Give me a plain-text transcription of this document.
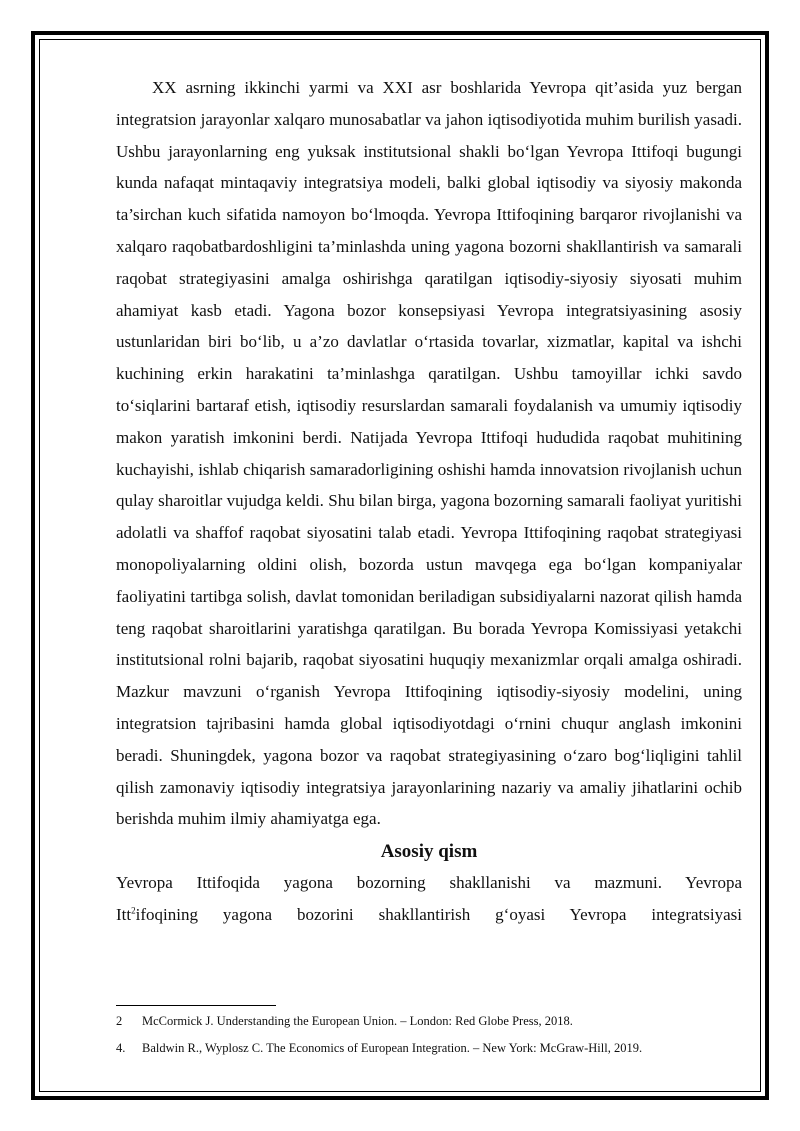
XX asrning ikkinchi yarmi va XXI asr boshlarida Yevropa qit’asida yuz bergan integratsion jarayonlar xalqaro munosabatlar va jahon iqtisodiyotida muhim burilish yasadi. Ushbu jarayonlarning eng yuksak institutsional shakli bo‘lgan Yevropa Ittifoqi bugungi kunda nafaqat mintaqaviy integratsiya modeli, balki global iqtisodiy va siyosiy makonda ta’sirchan kuch sifatida namoyon bo‘lmoqda. Yevropa Ittifoqining barqaror rivojlanishi va xalqaro raqobatbardoshligini ta’minlashda uning yagona bozorni shakllantirish va samarali raqobat strategiyasini amalga oshirishga qaratilgan iqtisodiy-siyosiy siyosati muhim ahamiyat kasb etadi. Yagona bozor konsepsiyasi Yevropa integratsiyasining asosiy ustunlaridan biri bo‘lib, u a’zo davlatlar o‘rtasida tovarlar, xizmatlar, kapital va ishchi kuchining erkin harakatini ta’minlashga qaratilgan. Ushbu tamoyillar ichki savdo to‘siqlarini bartaraf etish, iqtisodiy resurslardan samarali foydalanish va umumiy iqtisodiy makon yaratish imkonini berdi. Natijada Yevropa Ittifoqi hududida raqobat muhitining kuchayishi, ishlab chiqarish samaradorligining oshishi hamda innovatsion rivojlanish uchun qulay sharoitlar vujudga keldi. Shu bilan birga, yagona bozorning samarali faoliyat yuritishi adolatli va shaffof raqobat siyosatini talab etadi. Yevropa Ittifoqining raqobat strategiyasi monopoliyalarning oldini olish, bozorda ustun mavqega ega bo‘lgan kompaniyalar faoliyatini tartibga solish, davlat tomonidan beriladigan subsidiyalarni nazorat qilish hamda teng raqobat sharoitlarini yaratishga qaratilgan. Bu borada Yevropa Komissiyasi yetakchi institutsional rolni bajarib, raqobat siyosatini huquqiy mexanizmlar orqali amalga oshiradi. Mazkur mavzuni o‘rganish Yevropa Ittifoqining iqtisodiy-siyosiy modelini, uning integratsion tajribasini hamda global iqtisodiyotdagi o‘rnini chuqur anglash imkonini beradi. Shuningdek, yagona bozor va raqobat strategiyasining o‘zaro bog‘liqligini tahlil qilish zamonaviy iqtisodiy integratsiya jarayonlarining nazariy va amaliy jihatlarini ochib berishda muhim ilmiy ahamiyatga ega.

Asosiy qism

Yevropa Ittifoqida yagona bozorning shakllanishi va mazmuni. Yevropa
Itt$^2$ifoqining yagona bozorini shakllantirish g‘oyasi Yevropa integratsiyasi

2	McCormick J. Understanding the European Union. – London: Red Globe Press, 2018.

4.	Baldwin R., Wyplosz C. The Economics of European Integration. – New York: McGraw-Hill, 2019.
